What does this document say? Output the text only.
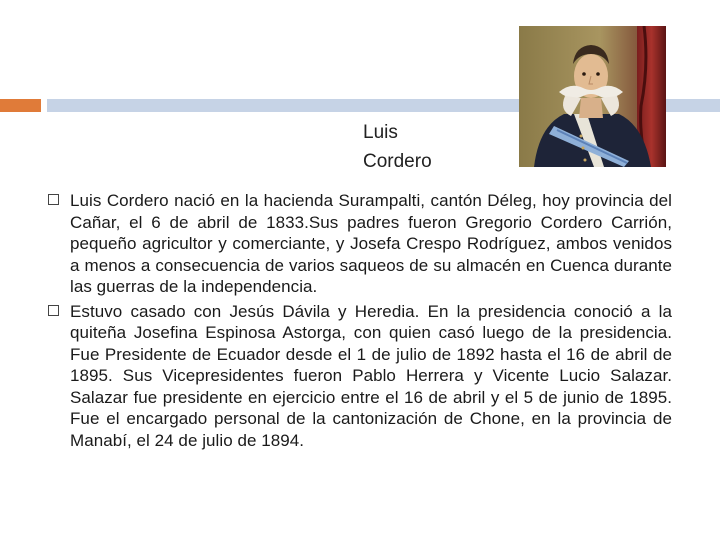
Luis
Cordero
Luis Cordero nació en la hacienda Surampalti, cantón Déleg, hoy provincia del Cañar, el 6 de abril de 1833.Sus padres fueron Gregorio Cordero Carrión, pequeño agricultor y comerciante, y Josefa Crespo Rodríguez, ambos venidos a menos a consecuencia de varios saqueos de su almacén en Cuenca durante las guerras de la independencia.
Estuvo casado con Jesús Dávila y Heredia. En la presidencia conoció a la quiteña Josefina Espinosa Astorga, con quien casó luego de la presidencia. Fue Presidente de Ecuador desde el 1 de julio de 1892 hasta el 16 de abril de 1895. Sus Vicepresidentes fueron Pablo Herrera y Vicente Lucio Salazar. Salazar fue presidente en ejercicio entre el 16 de abril y el 5 de junio de 1895. Fue el encargado personal de la cantonización de Chone, en la provincia de Manabí, el 24 de julio de 1894.
